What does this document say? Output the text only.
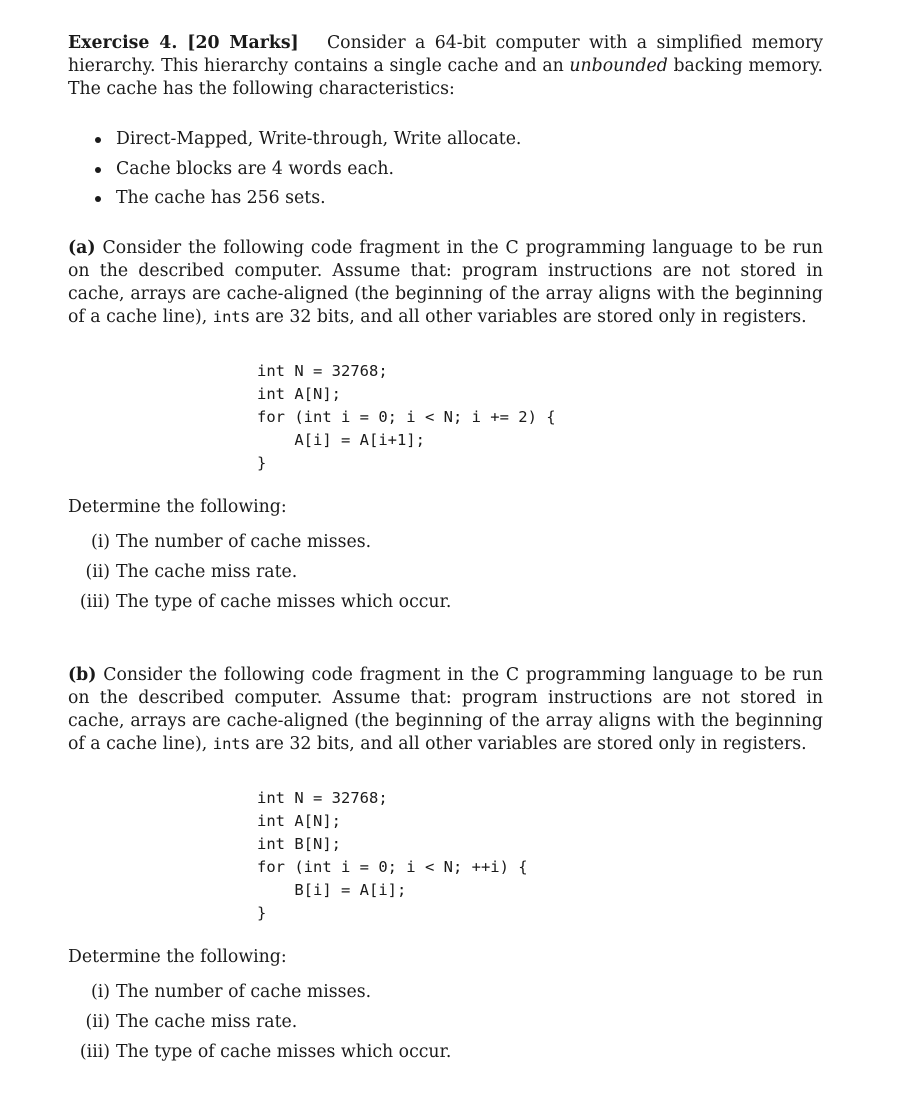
Exercise 4. [20 Marks] Consider a 64-bit computer with a simplified memory hierarchy. This hierarchy contains a single cache and an unbounded backing memory. The cache has the following characteristics:

Direct-Mapped, Write-through, Write allocate.
Cache blocks are 4 words each.
The cache has 256 sets.

(a) Consider the following code fragment in the C programming language to be run on the described computer. Assume that: program instructions are not stored in cache, arrays are cache-aligned (the beginning of the array aligns with the beginning of a cache line), ints are 32 bits, and all other variables are stored only in registers.

int N = 32768;
int A[N];
for (int i = 0; i < N; i += 2) {
A[i] = A[i+1];
}
Determine the following:
(i) The number of cache misses.
(ii) The cache miss rate.
(iii) The type of cache misses which occur.

(b) Consider the following code fragment in the C programming language to be run on the described computer. Assume that: program instructions are not stored in cache, arrays are cache-aligned (the beginning of the array aligns with the beginning of a cache line), ints are 32 bits, and all other variables are stored only in registers.

int N = 32768;
int A[N];
int B[N];
for (int i = 0; i < N; ++i) {
B[i] = A[i];
}
Determine the following:
(i) The number of cache misses.
(ii) The cache miss rate.
(iii) The type of cache misses which occur.
